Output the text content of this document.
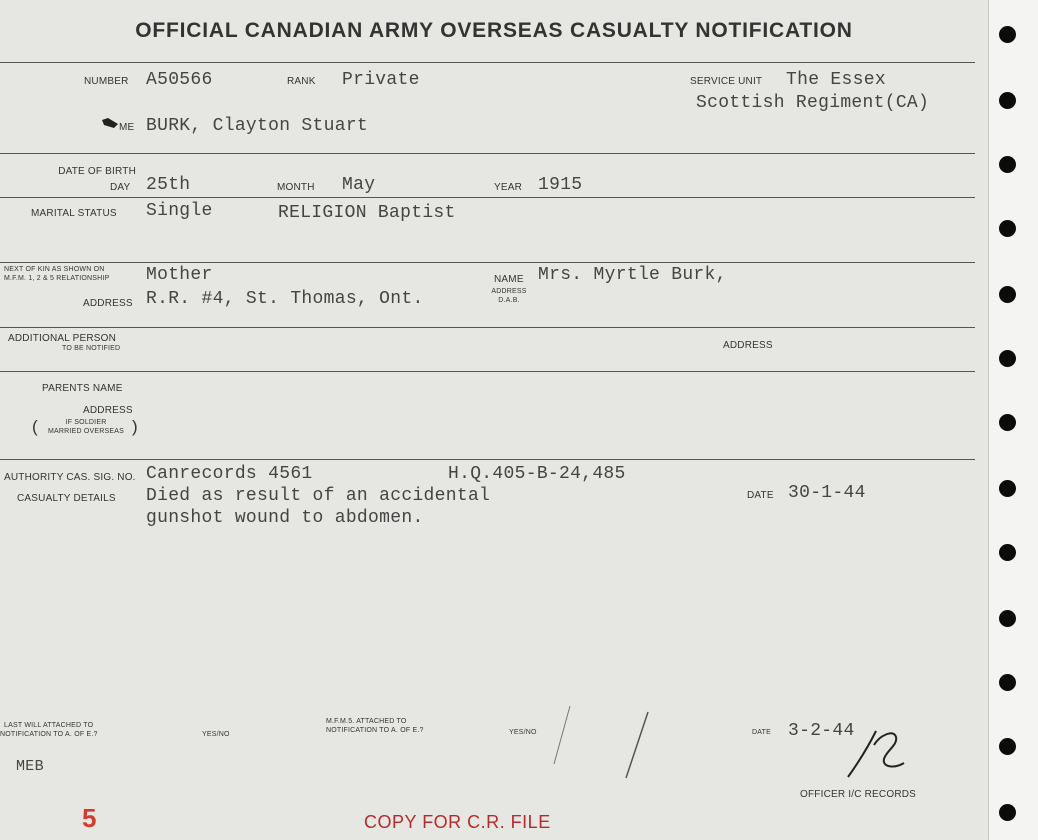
OFFICIAL CANADIAN ARMY OVERSEAS CASUALTY NOTIFICATION
NUMBER A50566	RANK Private	SERVICE UNIT The Essex
Scottish Regiment(CA)
ME BURK, Clayton Stuart
DATE OF BIRTH
DAY 25th	MONTH May	YEAR 1915
MARITAL STATUS Single	RELIGION Baptist
NEXT OF KIN AS SHOWN ON
M.F.M. 1, 2 & 5 RELATIONSHIP Mother	NAME Mrs. Myrtle Burk,
ADDRESS R.R. #4, St. Thomas, Ont.	ADDRESS
D.A.B.
ADDITIONAL PERSON
TO BE NOTIFIED	ADDRESS
PARENTS NAME
ADDRESS
(	IF SOLDIER
MARRIED OVERSEAS )
AUTHORITY CAS. SIG. NO. Canrecords 4561	H.Q.405-B-24,485
CASUALTY DETAILS Died as result of an accidental
gunshot wound to abdomen.
DATE 30-1-44
LAST WILL ATTACHED TO
NOTIFICATION TO A. OF E.?	YES/NO
M.F.M.5. ATTACHED TO
NOTIFICATION TO A. OF E.?	YES/NO
MEB
DATE 3-2-44
OFFICER I/C RECORDS
5	COPY FOR C.R. FILE
